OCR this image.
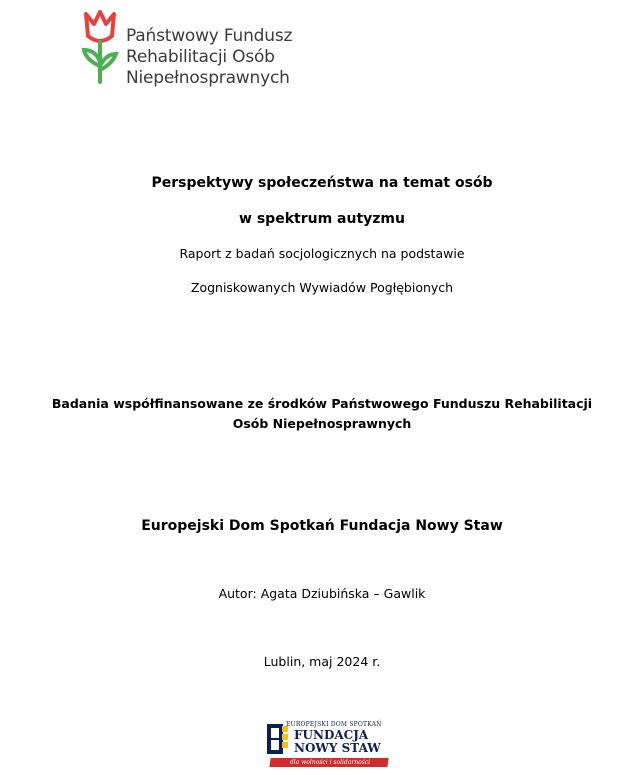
Państwowy Fundusz
Rehabilitacji Osób
Niepełnosprawnych
Perspektywy społeczeństwa na temat osób
w spektrum autyzmu
Raport z badań socjologicznych na podstawie
Zogniskowanych Wywiadów Pogłębionych
Badania współfinansowane ze środków Państwowego Funduszu Rehabilitacji
Osób Niepełnosprawnych
Europejski Dom Spotkań Fundacja Nowy Staw
Autor: Agata Dziubińska – Gawlik
Lublin, maj 2024 r.
EUROPEJSKI DOM SPOTKAŃ
FUNDACJA
NOWY STAW
dla wolności i solidarności
